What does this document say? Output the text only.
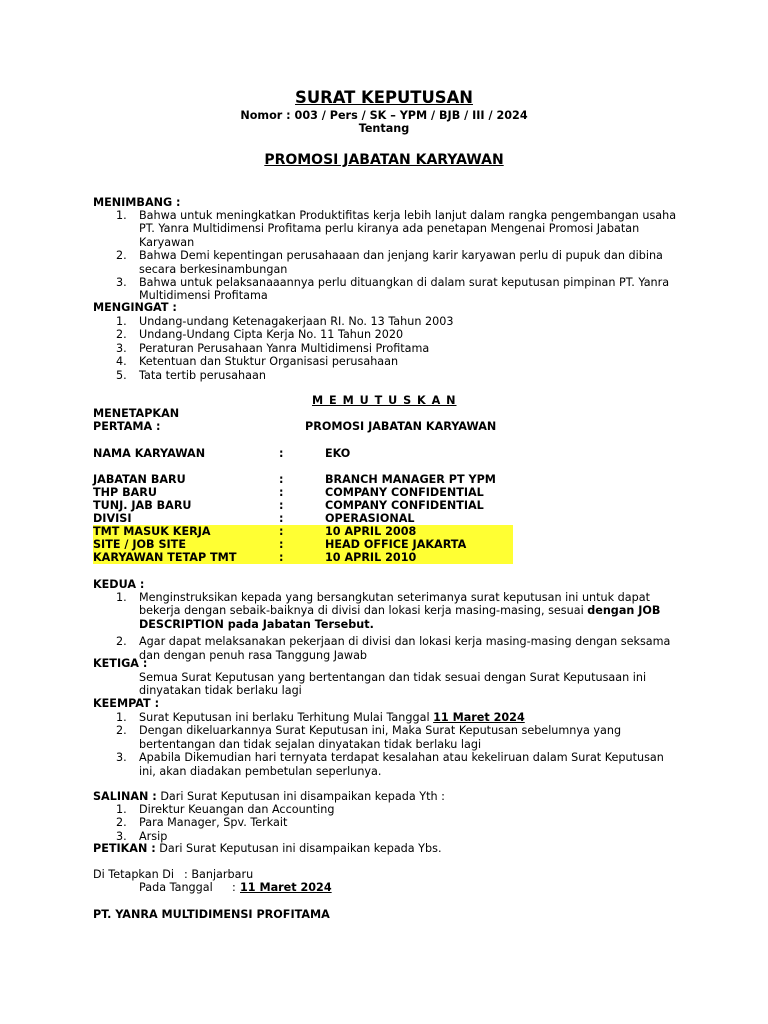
SURAT KEPUTUSAN
Nomor : 003 / Pers / SK – YPM / BJB / III / 2024
Tentang
PROMOSI JABATAN KARYAWAN
MENIMBANG :
1. Bahwa untuk meningkatkan Produktifitas kerja lebih lanjut dalam rangka pengembangan usaha PT. Yanra Multidimensi Profitama perlu kiranya ada penetapan Mengenai Promosi Jabatan Karyawan
2. Bahwa Demi kepentingan perusahaaan dan jenjang karir karyawan perlu di pupuk dan dibina secara berkesinambungan
3. Bahwa untuk pelaksanaaannya perlu dituangkan di dalam surat keputusan pimpinan PT. Yanra Multidimensi Profitama
MENGINGAT :
1. Undang-undang Ketenagakerjaan RI. No. 13 Tahun 2003
2. Undang-Undang Cipta Kerja No. 11 Tahun 2020
3. Peraturan Perusahaan Yanra Multidimensi Profitama
4. Ketentuan dan Stuktur Organisasi perusahaan
5. Tata tertib perusahaan
M E M U T U S K A N
MENETAPKAN
PERTAMA :	PROMOSI JABATAN KARYAWAN
NAMA KARYAWAN	:	EKO
JABATAN BARU	:	BRANCH MANAGER PT YPM
THP BARU	:	COMPANY CONFIDENTIAL
TUNJ. JAB BARU	:	COMPANY CONFIDENTIAL
DIVISI	:	OPERASIONAL
TMT MASUK KERJA	:	10 APRIL 2008
SITE / JOB SITE	:	HEAD OFFICE JAKARTA
KARYAWAN TETAP TMT	:	10 APRIL 2010
KEDUA :
1. Menginstruksikan kepada yang bersangkutan seterimanya surat keputusan ini untuk dapat bekerja dengan sebaik-baiknya di divisi dan lokasi kerja masing-masing, sesuai dengan JOB DESCRIPTION pada Jabatan Tersebut.
2. Agar dapat melaksanakan pekerjaan di divisi dan lokasi kerja masing-masing dengan seksama dan dengan penuh rasa Tanggung Jawab
KETIGA :
Semua Surat Keputusan yang bertentangan dan tidak sesuai dengan Surat Keputusaan ini dinyatakan tidak berlaku lagi
KEEMPAT :
1. Surat Keputusan ini berlaku Terhitung Mulai Tanggal 11 Maret 2024
2. Dengan dikeluarkannya Surat Keputusan ini, Maka Surat Keputusan sebelumnya yang bertentangan dan tidak sejalan dinyatakan tidak berlaku lagi
3. Apabila Dikemudian hari ternyata terdapat kesalahan atau kekeliruan dalam Surat Keputusan ini, akan diadakan pembetulan seperlunya.
SALINAN : Dari Surat Keputusan ini disampaikan kepada Yth :
1. Direktur Keuangan dan Accounting
2. Para Manager, Spv. Terkait
3. Arsip
PETIKAN : Dari Surat Keputusan ini disampaikan kepada Ybs.
Di Tetapkan Di : Banjarbaru
Pada Tanggal : 11 Maret 2024
PT. YANRA MULTIDIMENSI PROFITAMA
